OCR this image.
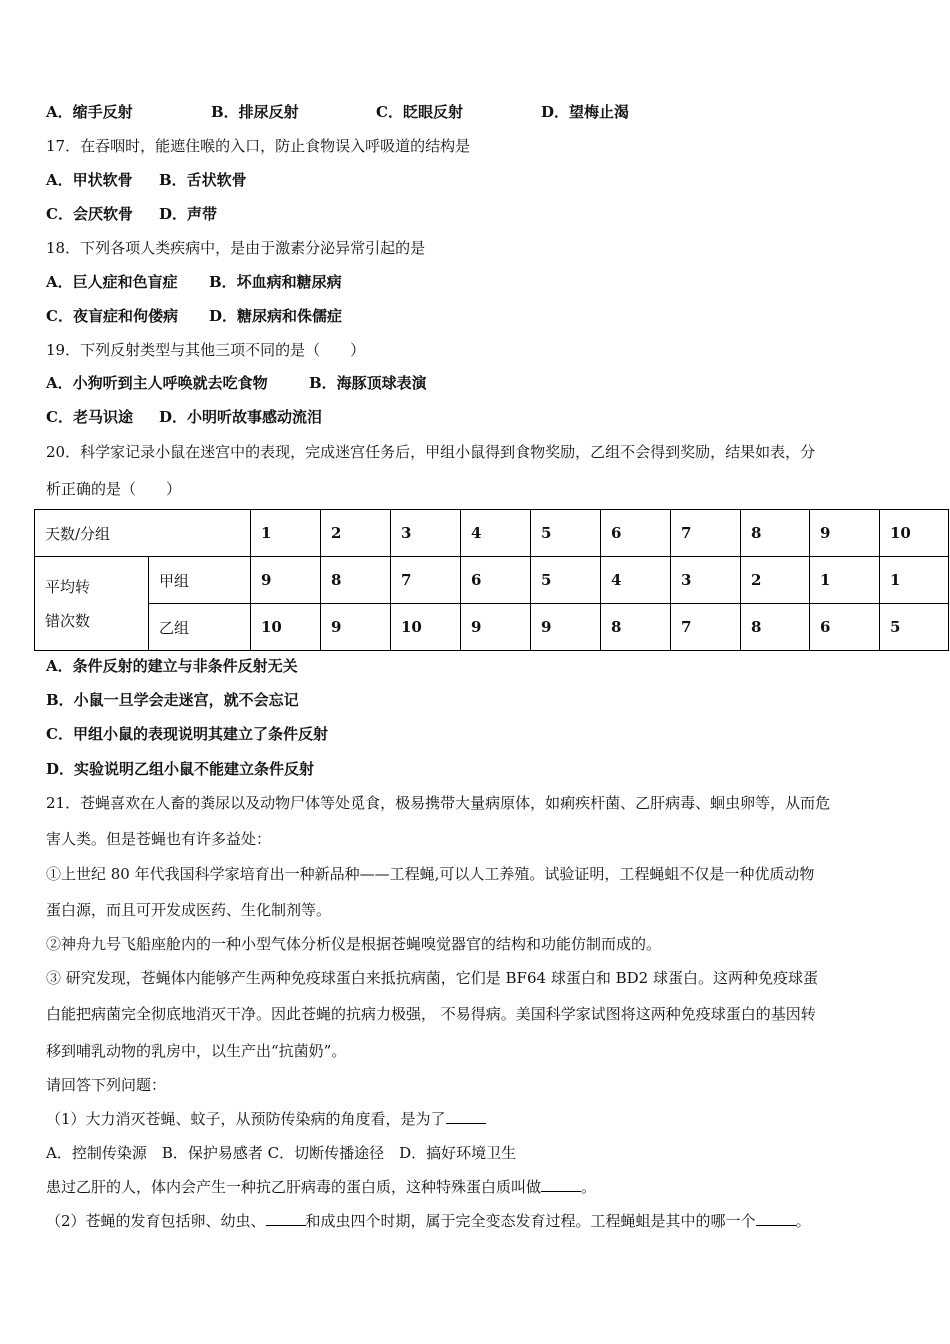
A．缩手反射	B．排尿反射	C．眨眼反射	D．望梅止渴
17．在吞咽时，能遮住喉的入口，防止食物误入呼吸道的结构是
A．甲状软骨 B．舌状软骨
C．会厌软骨 D．声带
18．下列各项人类疾病中，是由于激素分泌异常引起的是
A．巨人症和色盲症 B．坏血病和糖尿病
C．夜盲症和佝偻病 D．糖尿病和侏儒症
19．下列反射类型与其他三项不同的是（　　）
A．小狗听到主人呼唤就去吃食物	B．海豚顶球表演
C．老马识途 D．小明听故事感动流泪
20．科学家记录小鼠在迷宫中的表现，完成迷宫任务后，甲组小鼠得到食物奖励，乙组不会得到奖励，结果如表，分
析正确的是（　　）
天数/分组		1	2	3	4	5	6	7	8	9	10

平均转
错次数	甲组	9	8	7	6	5	4	3	2	1	1
	乙组	10	9	10	9	9	8	7	8	6	5
A．条件反射的建立与非条件反射无关
B．小鼠一旦学会走迷宫，就不会忘记
C．甲组小鼠的表现说明其建立了条件反射
D．实验说明乙组小鼠不能建立条件反射
21．苍蝇喜欢在人畜的粪尿以及动物尸体等处觅食，极易携带大量病原体，如痢疾杆菌、乙肝病毒、蛔虫卵等，从而危
害人类。但是苍蝇也有许多益处：
①上世纪 80 年代我国科学家培育出一种新品种——工程蝇,可以人工养殖。试验证明，工程蝇蛆不仅是一种优质动物
蛋白源，而且可开发成医药、生化制剂等。
②神舟九号飞船座舱内的一种小型气体分析仪是根据苍蝇嗅觉器官的结构和功能仿制而成的。
③ 研究发现，苍蝇体内能够产生两种免疫球蛋白来抵抗病菌，它们是 BF64 球蛋白和 BD2 球蛋白。这两种免疫球蛋
白能把病菌完全彻底地消灭干净。因此苍蝇的抗病力极强， 不易得病。美国科学家试图将这两种免疫球蛋白的基因转
移到哺乳动物的乳房中，以生产出“抗菌奶”。
请回答下列问题：
（1）大力消灭苍蝇、蚊子，从预防传染病的角度看，是为了
A．控制传染源　B．保护易感者 C．切断传播途径　D．搞好环境卫生
患过乙肝的人，体内会产生一种抗乙肝病毒的蛋白质，这种特殊蛋白质叫做	。
（2）苍蝇的发育包括卵、幼虫、	和成虫四个时期，属于完全变态发育过程。工程蝇蛆是其中的哪一个	。
